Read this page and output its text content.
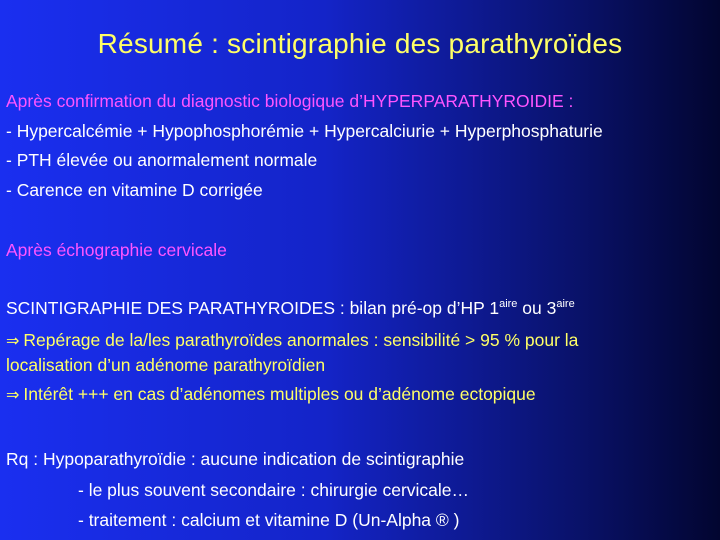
Résumé : scintigraphie des parathyroïdes
Après confirmation du diagnostic biologique d’HYPERPARATHYROIDIE :
- Hypercalcémie + Hypophosphorémie + Hypercalciurie + Hyperphosphaturie
- PTH élevée ou anormalement normale
- Carence en vitamine D corrigée
Après échographie cervicale
SCINTIGRAPHIE DES PARATHYROIDES : bilan pré-op d’HP $1^{aire}$ ou $3^{aire}$
⇒ Repérage de la/les parathyroïdes anormales : sensibilité > 95 % pour la
localisation d’un adénome parathyroïdien
⇒ Intérêt +++ en cas d’adénomes multiples ou d’adénome ectopique
Rq : Hypoparathyroïdie : aucune indication de scintigraphie
- le plus souvent secondaire : chirurgie cervicale…
- traitement : calcium et vitamine D (Un-Alpha ® )
